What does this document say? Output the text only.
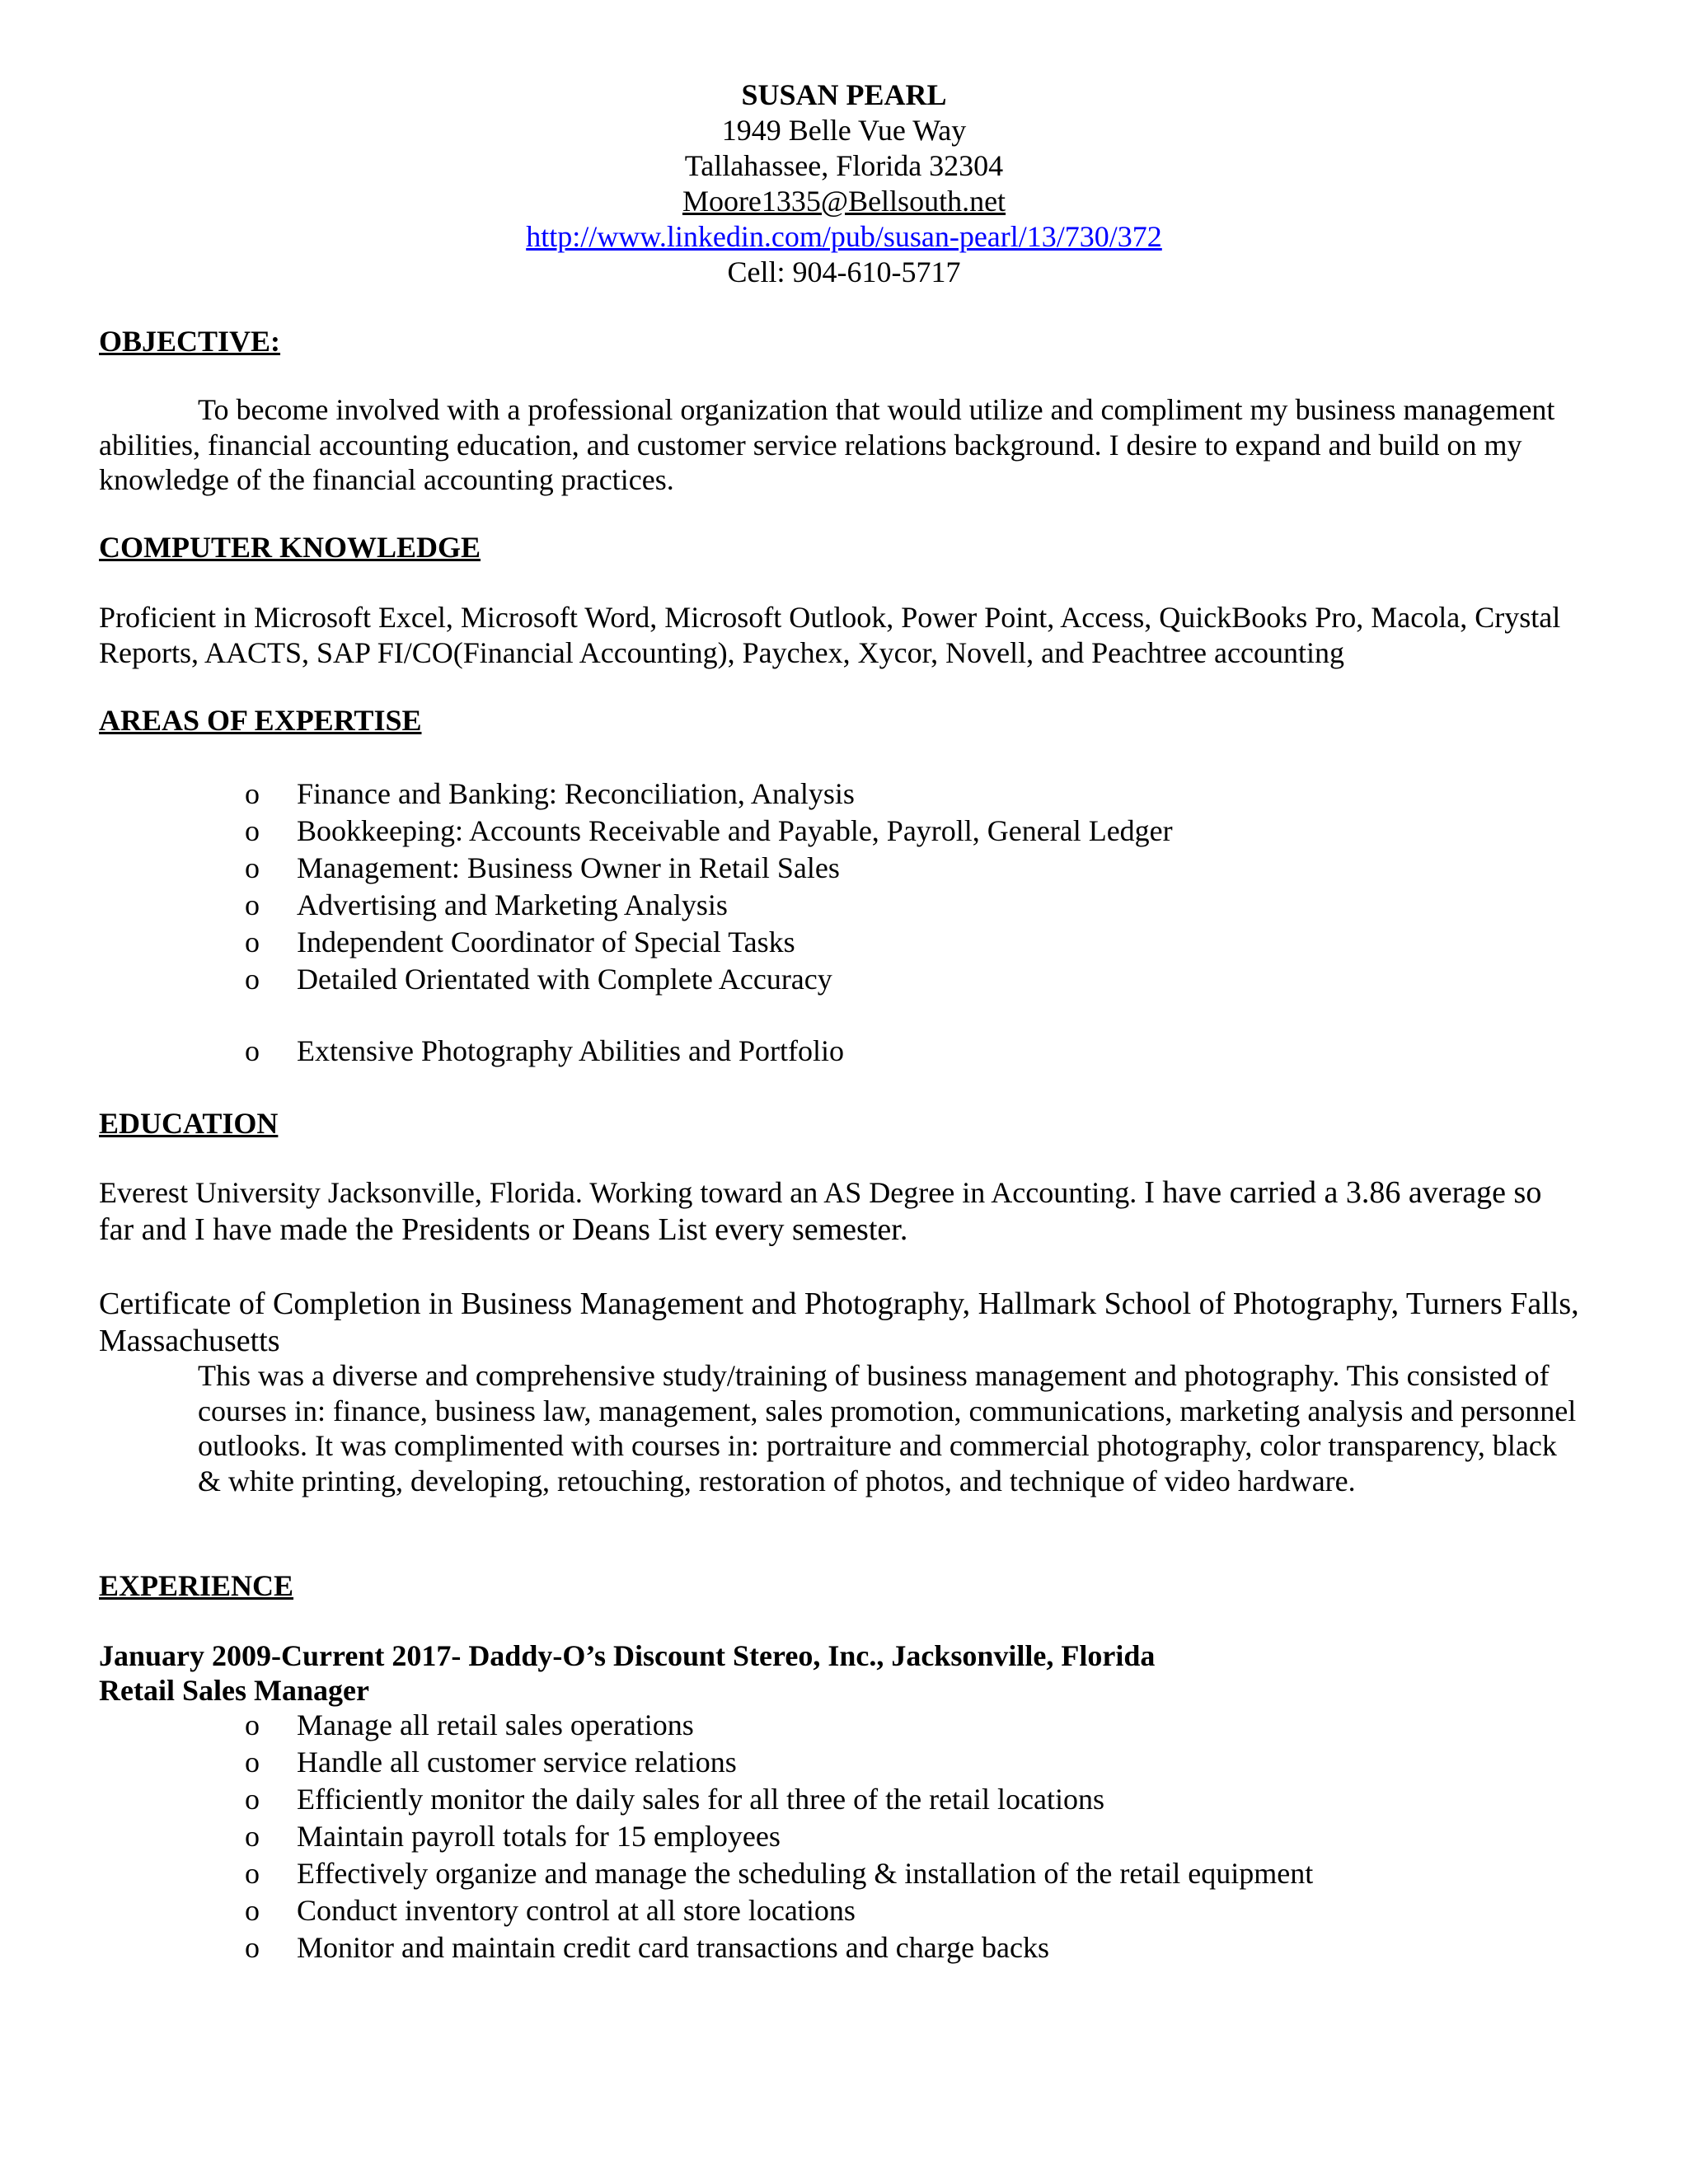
SUSAN PEARL
1949 Belle Vue Way
Tallahassee, Florida 32304
Moore1335@Bellsouth.net
http://www.linkedin.com/pub/susan-pearl/13/730/372
Cell: 904-610-5717

OBJECTIVE:

To become involved with a professional organization that would utilize and compliment my business management abilities, financial accounting education, and customer service relations background. I desire to expand and build on my knowledge of the financial accounting practices.

COMPUTER KNOWLEDGE

Proficient in Microsoft Excel, Microsoft Word, Microsoft Outlook, Power Point, Access, QuickBooks Pro, Macola, Crystal Reports, AACTS, SAP FI/CO(Financial Accounting), Paychex, Xycor, Novell, and Peachtree accounting

AREAS OF EXPERTISE

o Finance and Banking: Reconciliation, Analysis
o Bookkeeping: Accounts Receivable and Payable, Payroll, General Ledger
o Management: Business Owner in Retail Sales
o Advertising and Marketing Analysis
o Independent Coordinator of Special Tasks
o Detailed Orientated with Complete Accuracy
o Extensive Photography Abilities and Portfolio

EDUCATION

Everest University Jacksonville, Florida. Working toward an AS Degree in Accounting. I have carried a 3.86 average so far and I have made the Presidents or Deans List every semester.

Certificate of Completion in Business Management and Photography, Hallmark School of Photography, Turners Falls, Massachusetts

This was a diverse and comprehensive study/training of business management and photography. This consisted of courses in: finance, business law, management, sales promotion, communications, marketing analysis and personnel outlooks. It was complimented with courses in: portraiture and commercial photography, color transparency, black & white printing, developing, retouching, restoration of photos, and technique of video hardware.

EXPERIENCE

January 2009-Current 2017- Daddy-O’s Discount Stereo, Inc., Jacksonville, Florida

Retail Sales Manager

o Manage all retail sales operations
o Handle all customer service relations
o Efficiently monitor the daily sales for all three of the retail locations
o Maintain payroll totals for 15 employees
o Effectively organize and manage the scheduling & installation of the retail equipment
o Conduct inventory control at all store locations
o Monitor and maintain credit card transactions and charge backs
